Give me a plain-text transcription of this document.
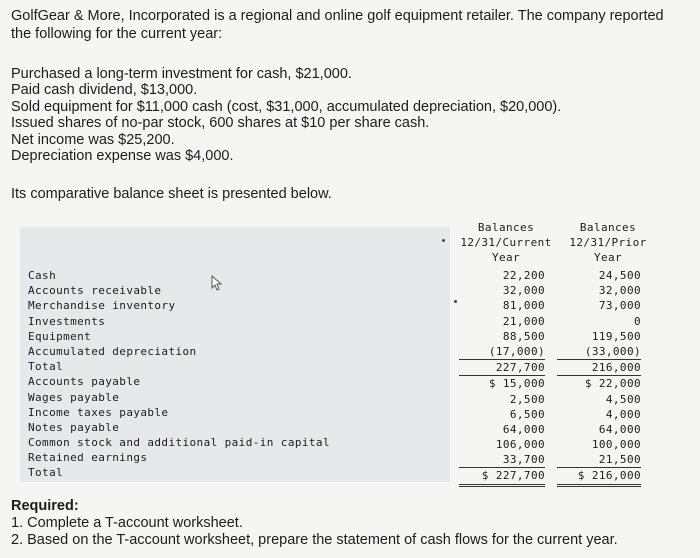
GolfGear & More, Incorporated is a regional and online golf equipment retailer. The company reported
the following for the current year:
Purchased a long-term investment for cash, $21,000.
Paid cash dividend, $13,000.
Sold equipment for $11,000 cash (cost, $31,000, accumulated depreciation, $20,000).
Issued shares of no-par stock, 600 shares at $10 per share cash.
Net income was $25,200.
Depreciation expense was $4,000.
Its comparative balance sheet is presented below.
Balances
12/31/Current
Year
Balances
12/31/Prior
Year
Cash
Accounts receivable
Merchandise inventory
Investments
Equipment
Accumulated depreciation
Total
Accounts payable
Wages payable
Income taxes payable
Notes payable
Common stock and additional paid-in capital
Retained earnings
Total
22,200
32,000
81,000
21,000
88,500
(17,000)
227,700
$ 15,000
2,500
6,500
64,000
106,000
33,700
$ 227,700
24,500
32,000
73,000
0
119,500
(33,000)
216,000
$ 22,000
4,500
4,000
64,000
100,000
21,500
$ 216,000
Required:
1. Complete a T-account worksheet.
2. Based on the T-account worksheet, prepare the statement of cash flows for the current year.
